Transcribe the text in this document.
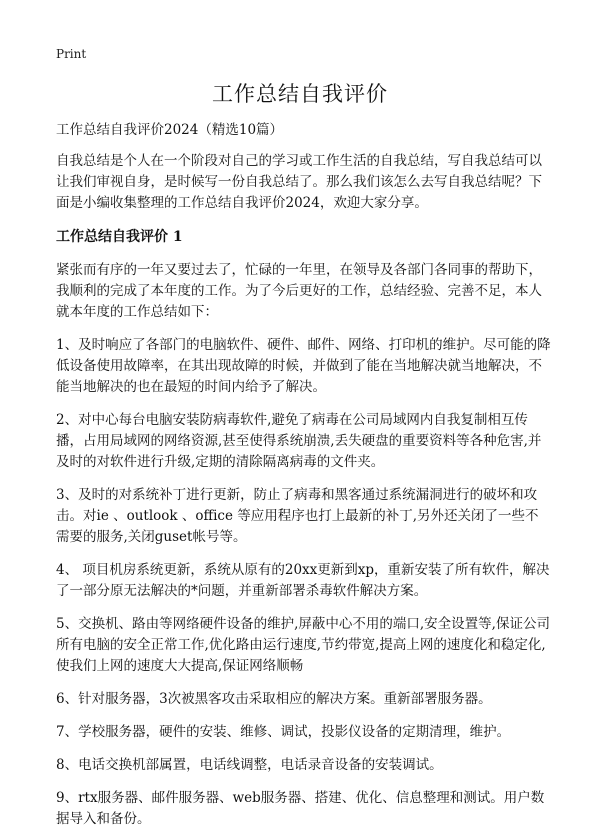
Print
工作总结自我评价

工作总结自我评价2024（精选10篇）

自我总结是个人在一个阶段对自己的学习或工作生活的自我总结，写自我总结可以让我们审视自身，是时候写一份自我总结了。那么我们该怎么去写自我总结呢？下面是小编收集整理的工作总结自我评价2024，欢迎大家分享。

工作总结自我评价 1

紧张而有序的一年又要过去了，忙碌的一年里，在领导及各部门各同事的帮助下，我顺利的完成了本年度的工作。为了今后更好的工作，总结经验、完善不足，本人就本年度的工作总结如下：

1、及时响应了各部门的电脑软件、硬件、邮件、网络、打印机的维护。尽可能的降低设备使用故障率，在其出现故障的时候，并做到了能在当地解决就当地解决，不能当地解决的也在最短的时间内给予了解决。

2、对中心每台电脑安装防病毒软件,避免了病毒在公司局域网内自我复制相互传播，占用局域网的网络资源,甚至使得系统崩溃,丢失硬盘的重要资料等各种危害,并及时的对软件进行升级,定期的清除隔离病毒的文件夹。

3、及时的对系统补丁进行更新，防止了病毒和黑客通过系统漏洞进行的破坏和攻击。对ie 、outlook 、office 等应用程序也打上最新的补丁,另外还关闭了一些不需要的服务,关闭guset帐号等。

4、 项目机房系统更新，系统从原有的20xx更新到xp，重新安装了所有软件，解决了一部分原无法解决的*问题，并重新部署杀毒软件解决方案。

5、交换机、路由等网络硬件设备的维护,屏蔽中心不用的端口,安全设置等,保证公司所有电脑的安全正常工作,优化路由运行速度,节约带宽,提高上网的速度化和稳定化,使我们上网的速度大大提高,保证网络顺畅

6、针对服务器，3次被黑客攻击采取相应的解决方案。重新部署服务器。

7、学校服务器，硬件的安装、维修、调试，投影仪设备的定期清理，维护。

8、电话交换机部属置，电话线调整，电话录音设备的安装调试。

9、rtx服务器、邮件服务器、web服务器、搭建、优化、信息整理和测试。用户数据导入和备份。
